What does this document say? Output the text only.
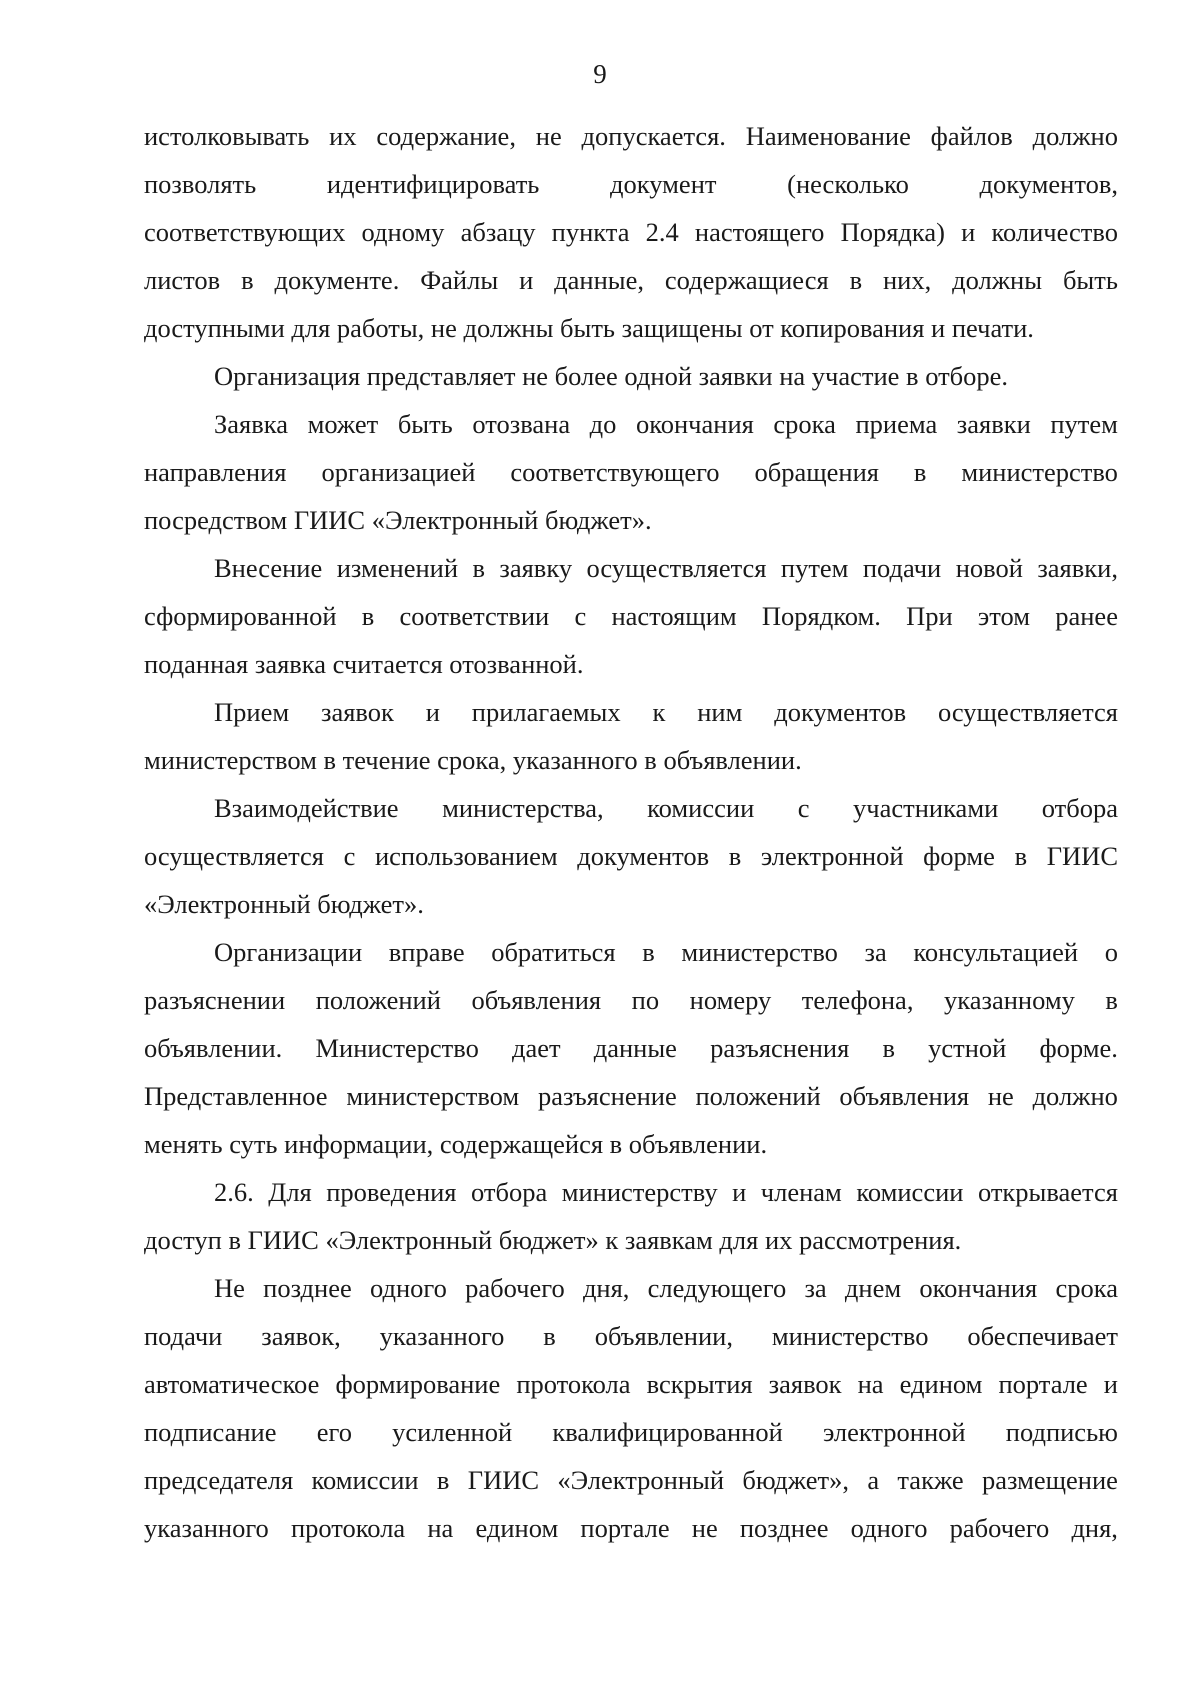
9
истолковывать их содержание, не допускается. Наименование файлов должно
позволять	идентифицировать	документ	(несколько	документов,
соответствующих одному абзацу пункта 2.4 настоящего Порядка) и количество
листов в документе. Файлы и данные, содержащиеся в них, должны быть
доступными для работы, не должны быть защищены от копирования и печати.
Организация представляет не более одной заявки на участие в отборе.
Заявка может быть отозвана до окончания срока приема заявки путем
направления организацией соответствующего обращения в министерство
посредством ГИИС «Электронный бюджет».
Внесение изменений в заявку осуществляется путем подачи новой заявки,
сформированной в соответствии с настоящим Порядком. При этом ранее
поданная заявка считается отозванной.
Прием заявок и прилагаемых к ним документов осуществляется
министерством в течение срока, указанного в объявлении.
Взаимодействие министерства, комиссии с участниками отбора
осуществляется с использованием документов в электронной форме в ГИИС
«Электронный бюджет».
Организации вправе обратиться в министерство за консультацией о
разъяснении положений объявления по номеру телефона, указанному в
объявлении. Министерство дает данные разъяснения в устной форме.
Представленное министерством разъяснение положений объявления не должно
менять суть информации, содержащейся в объявлении.
2.6. Для проведения отбора министерству и членам комиссии открывается
доступ в ГИИС «Электронный бюджет» к заявкам для их рассмотрения.
Не позднее одного рабочего дня, следующего за днем окончания срока
подачи заявок, указанного в объявлении, министерство обеспечивает
автоматическое формирование протокола вскрытия заявок на едином портале и
подписание его усиленной квалифицированной электронной подписью
председателя комиссии в ГИИС «Электронный бюджет», а также размещение
указанного протокола на едином портале не позднее одного рабочего дня,
